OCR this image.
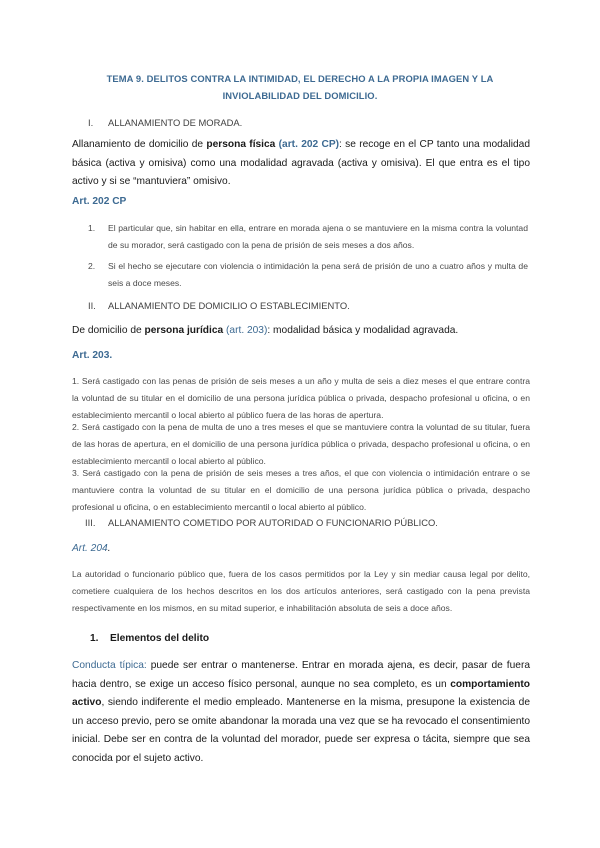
TEMA 9. DELITOS CONTRA LA INTIMIDAD, EL DERECHO A LA PROPIA IMAGEN Y LA INVIOLABILIDAD DEL DOMICILIO.
I. ALLANAMIENTO DE MORADA.
Allanamiento de domicilio de persona física (art. 202 CP): se recoge en el CP tanto una modalidad básica (activa y omisiva) como una modalidad agravada (activa y omisiva). El que entra es el tipo activo y si se “mantuviera” omisivo.
Art. 202 CP
1. El particular que, sin habitar en ella, entrare en morada ajena o se mantuviere en la misma contra la voluntad de su morador, será castigado con la pena de prisión de seis meses a dos años.
2. Si el hecho se ejecutare con violencia o intimidación la pena será de prisión de uno a cuatro años y multa de seis a doce meses.
II. ALLANAMIENTO DE DOMICILIO O ESTABLECIMIENTO.
De domicilio de persona jurídica (art. 203): modalidad básica y modalidad agravada.
Art. 203.
1. Será castigado con las penas de prisión de seis meses a un año y multa de seis a diez meses el que entrare contra la voluntad de su titular en el domicilio de una persona jurídica pública o privada, despacho profesional u oficina, o en establecimiento mercantil o local abierto al público fuera de las horas de apertura.
2. Será castigado con la pena de multa de uno a tres meses el que se mantuviere contra la voluntad de su titular, fuera de las horas de apertura, en el domicilio de una persona jurídica pública o privada, despacho profesional u oficina, o en establecimiento mercantil o local abierto al público.
3. Será castigado con la pena de prisión de seis meses a tres años, el que con violencia o intimidación entrare o se mantuviere contra la voluntad de su titular en el domicilio de una persona jurídica pública o privada, despacho profesional u oficina, o en establecimiento mercantil o local abierto al público.
III. ALLANAMIENTO COMETIDO POR AUTORIDAD O FUNCIONARIO PÚBLICO.
Art. 204.
La autoridad o funcionario público que, fuera de los casos permitidos por la Ley y sin mediar causa legal por delito, cometiere cualquiera de los hechos descritos en los dos artículos anteriores, será castigado con la pena prevista respectivamente en los mismos, en su mitad superior, e inhabilitación absoluta de seis a doce años.
1. Elementos del delito
Conducta típica: puede ser entrar o mantenerse. Entrar en morada ajena, es decir, pasar de fuera hacia dentro, se exige un acceso físico personal, aunque no sea completo, es un comportamiento activo, siendo indiferente el medio empleado. Mantenerse en la misma, presupone la existencia de un acceso previo, pero se omite abandonar la morada una vez que se ha revocado el consentimiento inicial. Debe ser en contra de la voluntad del morador, puede ser expresa o tácita, siempre que sea conocida por el sujeto activo.
